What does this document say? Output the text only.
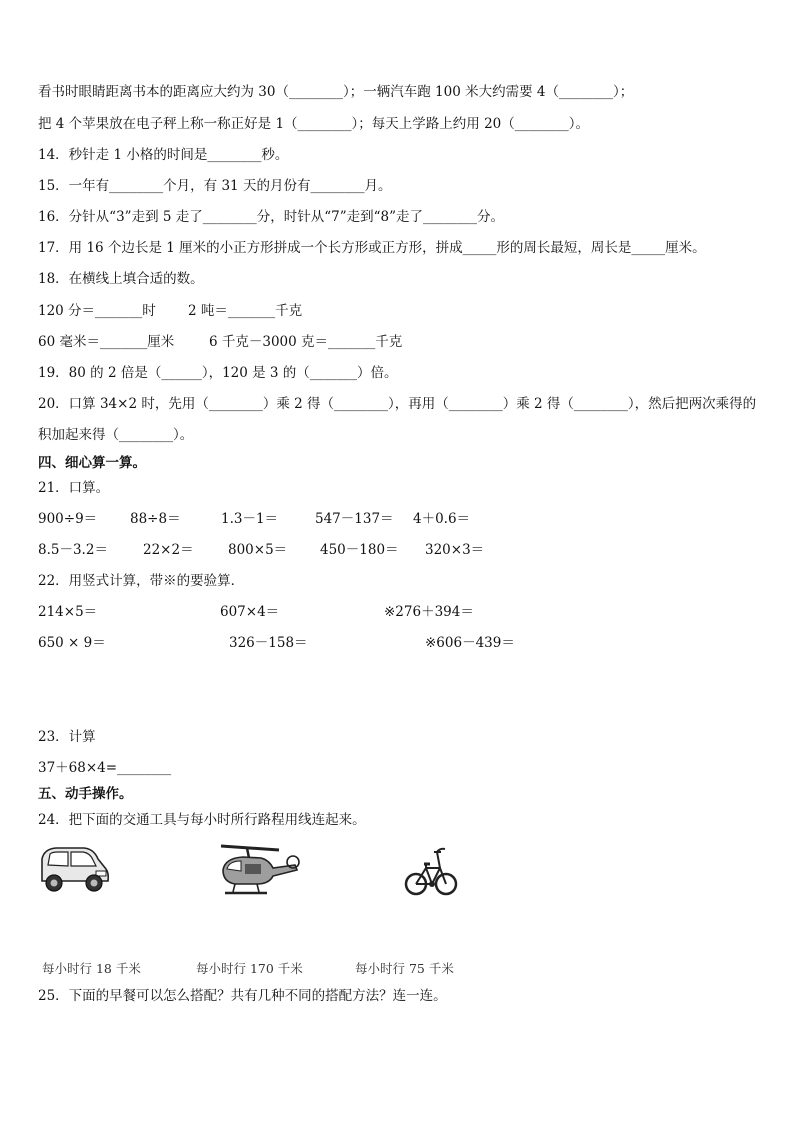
看书时眼睛距离书本的距离应大约为 30（________）；一辆汽车跑 100 米大约需要 4（________）；
把 4 个苹果放在电子秤上称一称正好是 1（________）；每天上学路上约用 20（________）。
14．秒针走 1 小格的时间是________秒。
15．一年有________个月，有 31 天的月份有________月。
16．分针从“3”走到 5 走了________分，时针从“7”走到“8”走了________分。
17．用 16 个边长是 1 厘米的小正方形拼成一个长方形或正方形，拼成_____形的周长最短，周长是_____厘米。
18．在横线上填合适的数。
120 分＝_______时 2 吨＝_______千克
60 毫米＝_______厘米	6 千克－3000 克＝_______千克
19．80 的 2 倍是（______），120 是 3 的（_______）倍。
20．口算 34×2 时，先用（________）乘 2 得（________），再用（________）乘 2 得（________），然后把两次乘得的
积加起来得（________）。
四、细心算一算。
21．口算。
900÷9＝ 88÷8＝	1.3－1＝	547－137＝ 4＋0.6＝
8.5－3.2＝	22×2＝	800×5＝ 450－180＝ 320×3＝
22．用竖式计算，带※的要验算．
214×5＝	607×4＝	※276＋394＝
650 × 9＝	326－158＝	※606－439＝
23．计算
37＋68×4=________
五、动手操作。
24．把下面的交通工具与每小时所行路程用线连起来。
每小时行 18 千米	每小时行 170 千米	每小时行 75 千米
25．下面的早餐可以怎么搭配？共有几种不同的搭配方法？连一连。
